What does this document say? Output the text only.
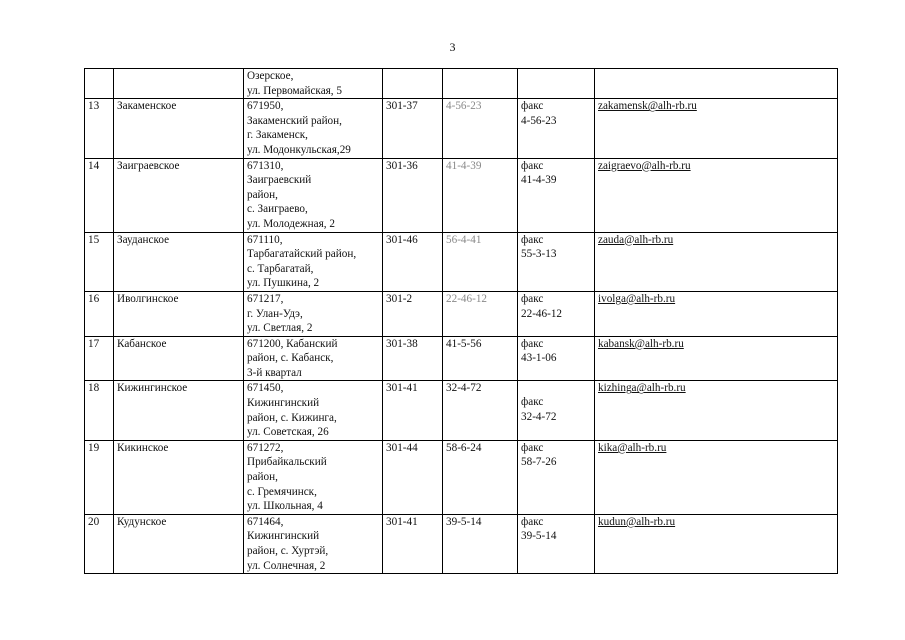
3

		Озерское,
ул. Первомайская, 5				

13	Закаменское	671950,
Закаменский район,
г. Закаменск,
ул. Модонкульская,29	301-37	4-56-23	факс
4-56-23	zakamensk@alh-rb.ru
14	Заиграевское	671310,
Заиграевский
район,
с. Заиграево,
ул. Молодежная, 2	301-36	41-4-39	факс
41-4-39	zaigraevo@alh-rb.ru
15	Зауданское	671110,
Тарбагатайский район,
с. Тарбагатай,
ул. Пушкина, 2	301-46	56-4-41	факс
55-3-13	zauda@alh-rb.ru
16	Иволгинское	671217,
г. Улан-Удэ,
ул. Светлая, 2	301-2	22-46-12	факс
22-46-12	ivolga@alh-rb.ru
17	Кабанское	671200, Кабанский
район, с. Кабанск,
3-й квартал	301-38	41-5-56	факс
43-1-06	kabansk@alh-rb.ru
18	Кижингинское	671450,
Кижингинский
район, с. Кижинга,
ул. Советская, 26	301-41	32-4-72	факс
32-4-72	kizhinga@alh-rb.ru
19	Кикинское	671272,
Прибайкальский
район,
с. Гремячинск,
ул. Школьная, 4	301-44	58-6-24	факс
58-7-26	kika@alh-rb.ru
20	Кудунское	671464,
Кижингинский
район, с. Хуртэй,
ул. Солнечная, 2	301-41	39-5-14	факс
39-5-14	kudun@alh-rb.ru
